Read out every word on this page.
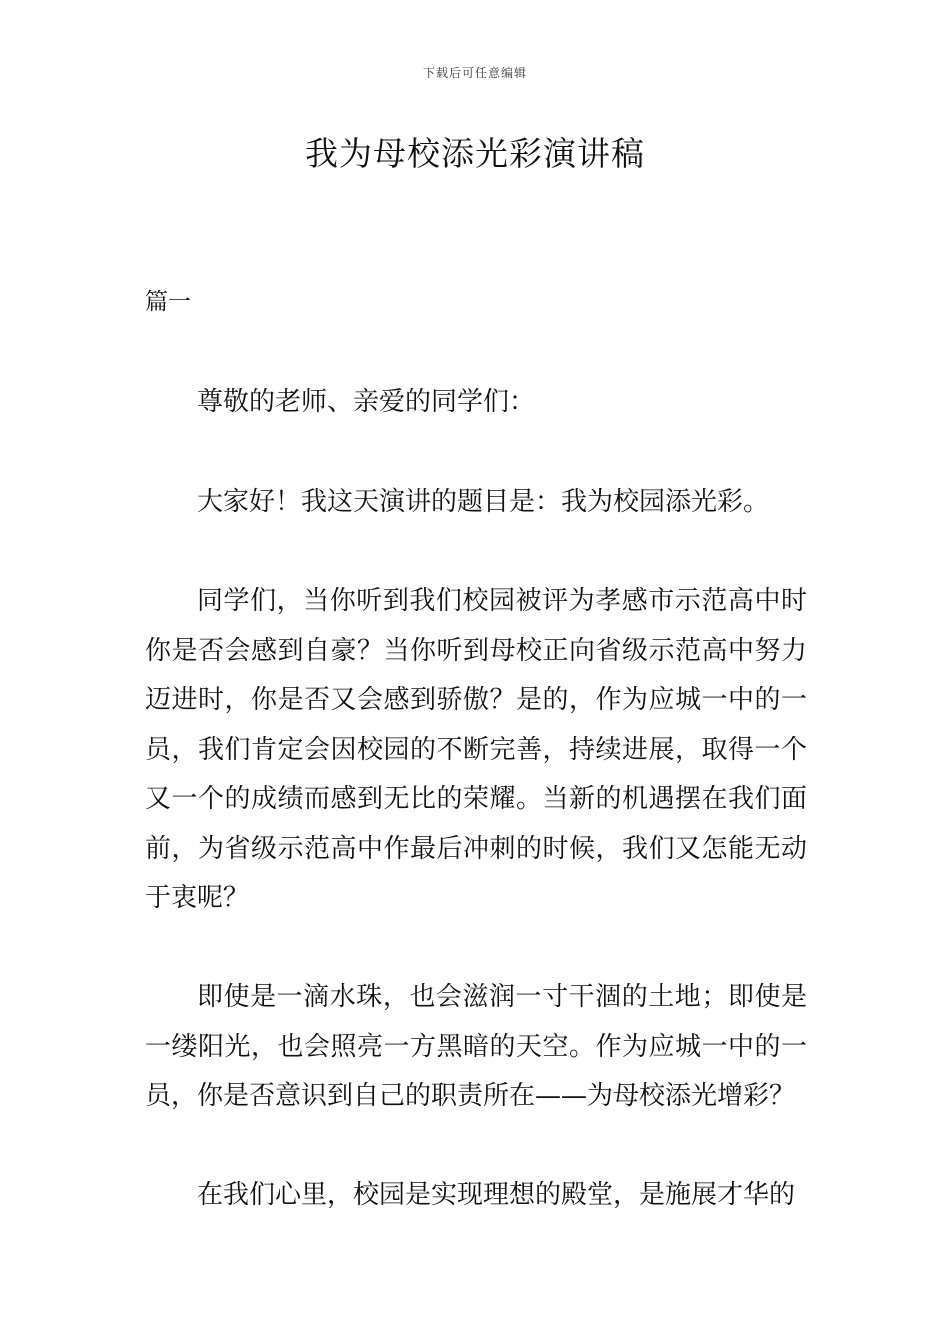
下载后可任意编辑
我为母校添光彩演讲稿
篇一

尊敬的老师、亲爱的同学们：

大家好！我这天演讲的题目是：我为校园添光彩。

同学们，当你听到我们校园被评为孝感市示范高中时你是否会感到自豪？当你听到母校正向省级示范高中努力迈进时，你是否又会感到骄傲？是的，作为应城一中的一员，我们肯定会因校园的不断完善，持续进展，取得一个又一个的成绩而感到无比的荣耀。当新的机遇摆在我们面前，为省级示范高中作最后冲刺的时候，我们又怎能无动于衷呢？

即使是一滴水珠，也会滋润一寸干涸的土地；即使是一缕阳光，也会照亮一方黑暗的天空。作为应城一中的一员，你是否意识到自己的职责所在——为母校添光增彩？

在我们心里，校园是实现理想的殿堂，是施展才华的
